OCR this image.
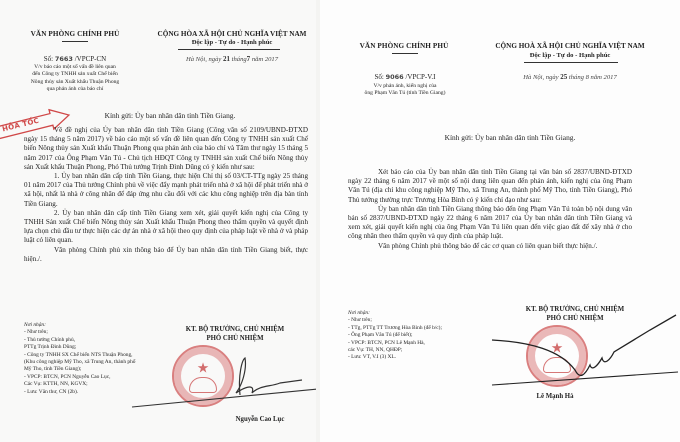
VĂN PHÒNG CHÍNH PHỦ	CỘNG HÒA XÃ HỘI CHỦ NGHĨA VIỆT NAM
Độc lập - Tự do - Hạnh phúc
Số: 7663 /VPCP-CN
V/v báo cáo một số vấn đề liên quan
đến Công ty TNHH sản xuất Chế biến
Nông thủy sản Xuất khẩu Thuận Phong
qua phản ánh của báo chí
Hà Nội, ngày 21 tháng7 năm 2017
HỎA TỐC
Kính gửi: Ủy ban nhân dân tỉnh Tiền Giang.

Về đề nghị của Ủy ban nhân dân tỉnh Tiền Giang (Công văn số 2109/UBND-ĐTXD ngày 15 tháng 5 năm 2017) về báo cáo một số vấn đề liên quan đến Công ty TNHH sản xuất Chế biến Nông thủy sản Xuất khẩu Thuận Phong qua phản ánh của báo chí và Tâm thư ngày 15 tháng 5 năm 2017 của Ông Phạm Văn Tú - Chủ tịch HĐQT Công ty TNHH sản xuất Chế biến Nông thủy sản Xuất khẩu Thuận Phong, Phó Thủ tướng Trịnh Đình Dũng có ý kiến như sau:

1. Ủy ban nhân dân cấp tỉnh Tiền Giang, thực hiện Chỉ thị số 03/CT-TTg ngày 25 tháng 01 năm 2017 của Thủ tướng Chính phủ về việc đẩy mạnh phát triển nhà ở xã hội để phát triển nhà ở xã hội, nhất là nhà ở công nhân để đáp ứng nhu cầu đối với các khu công nghiệp trên địa bàn tỉnh Tiền Giang.

2. Ủy ban nhân dân cấp tỉnh Tiền Giang xem xét, giải quyết kiến nghị của Công ty TNHH Sản xuất Chế biến Nông thủy sản Xuất khẩu Thuận Phong theo thẩm quyền và quyết định lựa chọn chủ đầu tư thực hiện các dự án nhà ở xã hội theo quy định của pháp luật về nhà ở và pháp luật có liên quan.

Văn phòng Chính phủ xin thông báo để Ủy ban nhân dân tỉnh Tiền Giang biết, thực hiện./.

Nơi nhận:
- Như trên;
- Thủ tướng Chính phủ,
PTTg Trịnh Đình Dũng;
- Công ty TNHH SX Chế biến NTS Thuận Phong,
(Khu công nghiệp Mỹ Tho, xã Trung An, thành phố
Mỹ Tho, tỉnh Tiền Giang);
- VPCP: BTCN, PCN Nguyễn Cao Lục,
Các Vụ: KTTH, NN, KGVX;
- Lưu: Văn thư, CN (2b).
KT. BỘ TRƯỞNG, CHỦ NHIỆM
PHÓ CHỦ NHIỆM
★
Nguyễn Cao Lục
VĂN PHÒNG CHÍNH PHỦ	CỘNG HOÀ XÃ HỘI CHỦ NGHĨA VIỆT NAM
Độc lập - Tự do - Hạnh phúc
Số: 9066 /VPCP-V.I
V/v phản ánh, kiến nghị của
ông Phạm Văn Tú (tỉnh Tiền Giang)
Hà Nội, ngày 25 tháng 8 năm 2017
Kính gửi: Ủy ban nhân dân tỉnh Tiền Giang.

Xét báo cáo của Ủy ban nhân dân tỉnh Tiền Giang tại văn bản số 2837/UBND-ĐTXD ngày 22 tháng 6 năm 2017 về một số nội dung liên quan đến phản ánh, kiến nghị của ông Phạm Văn Tú (địa chỉ khu công nghiệp Mỹ Tho, xã Trung An, thành phố Mỹ Tho, tỉnh Tiền Giang), Phó Thủ tướng thường trực Trương Hòa Bình có ý kiến chỉ đạo như sau:

Ủy ban nhân dân tỉnh Tiền Giang thông báo đến ông Phạm Văn Tú toàn bộ nội dung văn bản số 2837/UBND-ĐTXD ngày 22 tháng 6 năm 2017 của Ủy ban nhân dân tỉnh Tiền Giang và xem xét, giải quyết kiến nghị của ông Phạm Văn Tú liên quan đến việc giao đất để xây nhà ở cho công nhân theo thẩm quyền và quy định của pháp luật.

Văn phòng Chính phủ thông báo để các cơ quan có liên quan biết thực hiện./.

Nơi nhận:
- Như trên;
- TTg, PTTg TT Trương Hòa Bình (để b/c);
- Ông Phạm Văn Tú (để biết);
- VPCP: BTCN, PCN Lê Mạnh Hà,
các Vụ: TH, NN, QHĐP;
- Lưu: VT, V.I (3) XL.
KT. BỘ TRƯỞNG, CHỦ NHIỆM
PHÓ CHỦ NHIỆM
★
Lê Mạnh Hà
